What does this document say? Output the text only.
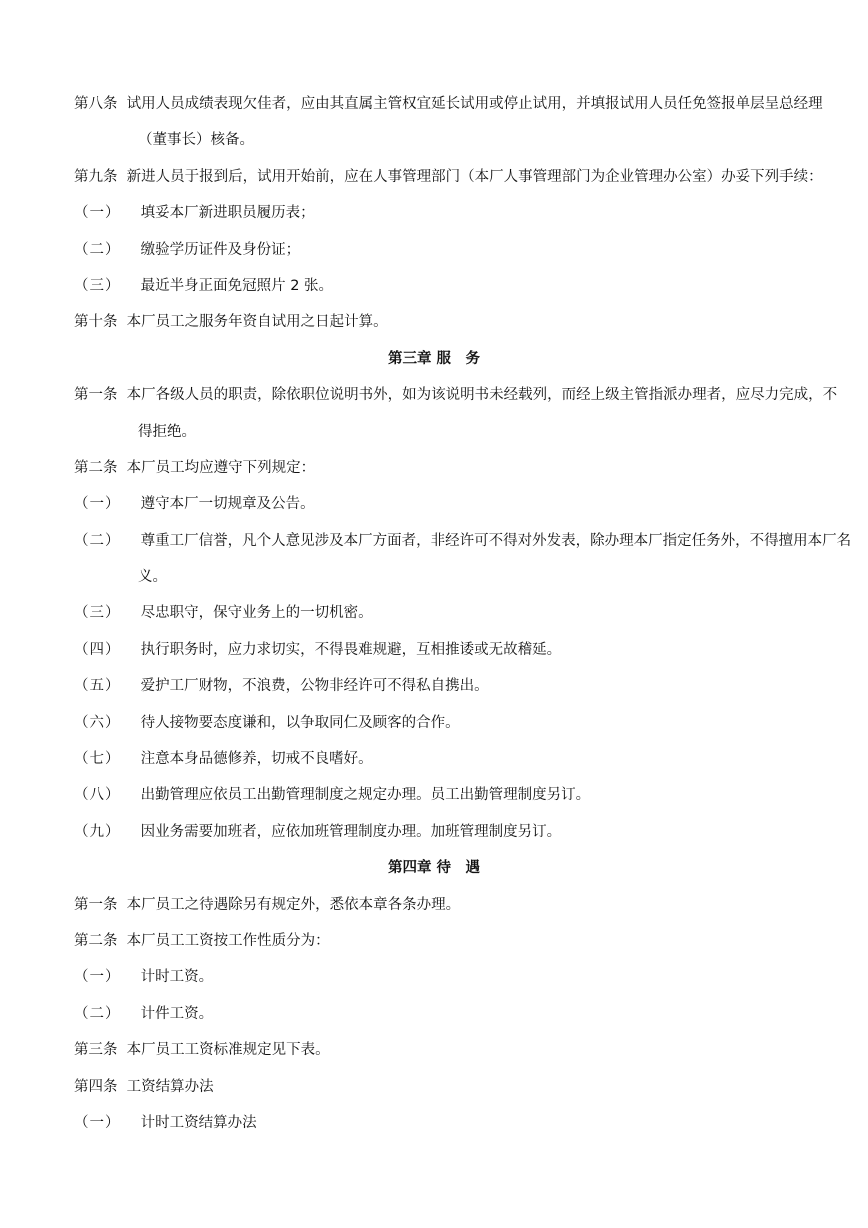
第八条 试用人员成绩表现欠佳者，应由其直属主管权宜延长试用或停止试用，并填报试用人员任免签报单层呈总经理
（董事长）核备。
第九条 新进人员于报到后，试用开始前，应在人事管理部门（本厂人事管理部门为企业管理办公室）办妥下列手续：
（一） 填妥本厂新进职员履历表；
（二） 缴验学历证件及身份证；
（三） 最近半身正面免冠照片 2 张。
第十条 本厂员工之服务年资自试用之日起计算。
第三章 服　务
第一条 本厂各级人员的职责，除依职位说明书外，如为该说明书未经载列，而经上级主管指派办理者，应尽力完成，不
得拒绝。
第二条 本厂员工均应遵守下列规定：
（一） 遵守本厂一切规章及公告。
（二） 尊重工厂信誉，凡个人意见涉及本厂方面者，非经许可不得对外发表，除办理本厂指定任务外，不得擅用本厂名
义。
（三） 尽忠职守，保守业务上的一切机密。
（四） 执行职务时，应力求切实，不得畏难规避，互相推诿或无故稽延。
（五） 爱护工厂财物，不浪费，公物非经许可不得私自携出。
（六） 待人接物要态度谦和，以争取同仁及顾客的合作。
（七） 注意本身品德修养，切戒不良嗜好。
（八） 出勤管理应依员工出勤管理制度之规定办理。员工出勤管理制度另订。
（九） 因业务需要加班者，应依加班管理制度办理。加班管理制度另订。
第四章 待　遇
第一条 本厂员工之待遇除另有规定外，悉依本章各条办理。
第二条 本厂员工工资按工作性质分为：
（一） 计时工资。
（二） 计件工资。
第三条 本厂员工工资标准规定见下表。
第四条 工资结算办法
（一） 计时工资结算办法
